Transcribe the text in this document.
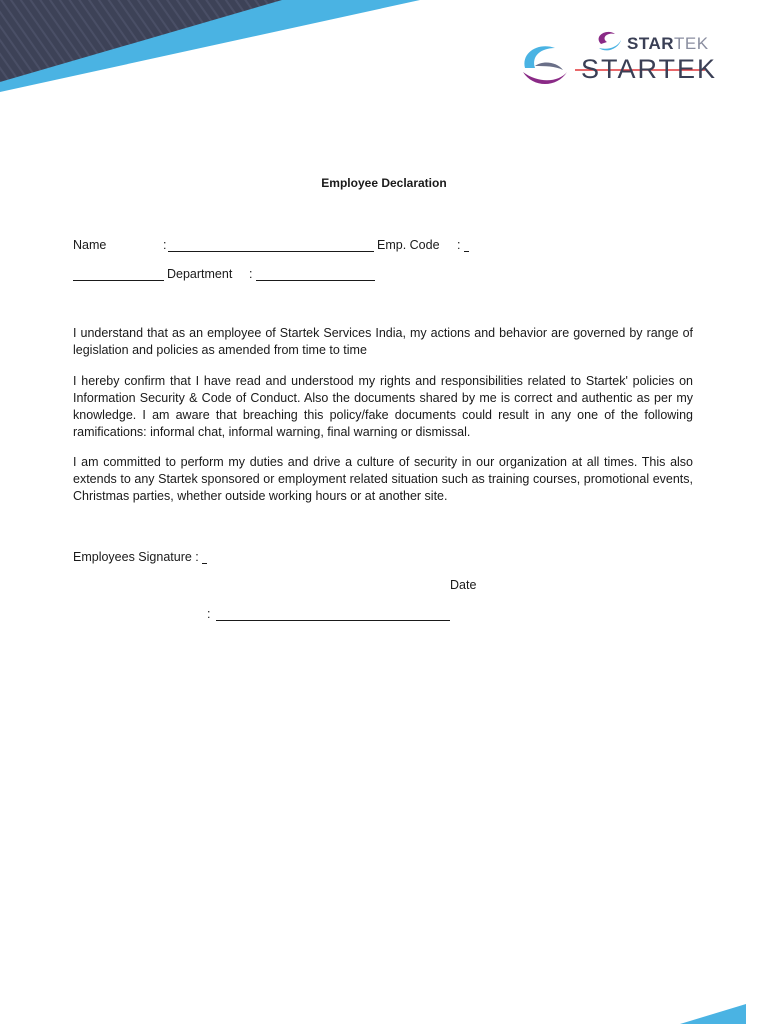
STARTEK
STARTEK
Employee Declaration
Name	:	Emp. Code :
Department :
I understand that as an employee of Startek Services India, my actions and behavior are governed by range of legislation and policies as amended from time to time
I hereby confirm that I have read and understood my rights and responsibilities related to Startek' policies on Information Security & Code of Conduct. Also the documents shared by me is correct and authentic as per my knowledge. I am aware that breaching this policy/fake documents could result in any one of the following ramifications: informal chat, informal warning, final warning or dismissal.
I am committed to perform my duties and drive a culture of security in our organization at all times. This also extends to any Startek sponsored or employment related situation such as training courses, promotional events, Christmas parties, whether outside working hours or at another site.
Employees Signature :
Date
:
